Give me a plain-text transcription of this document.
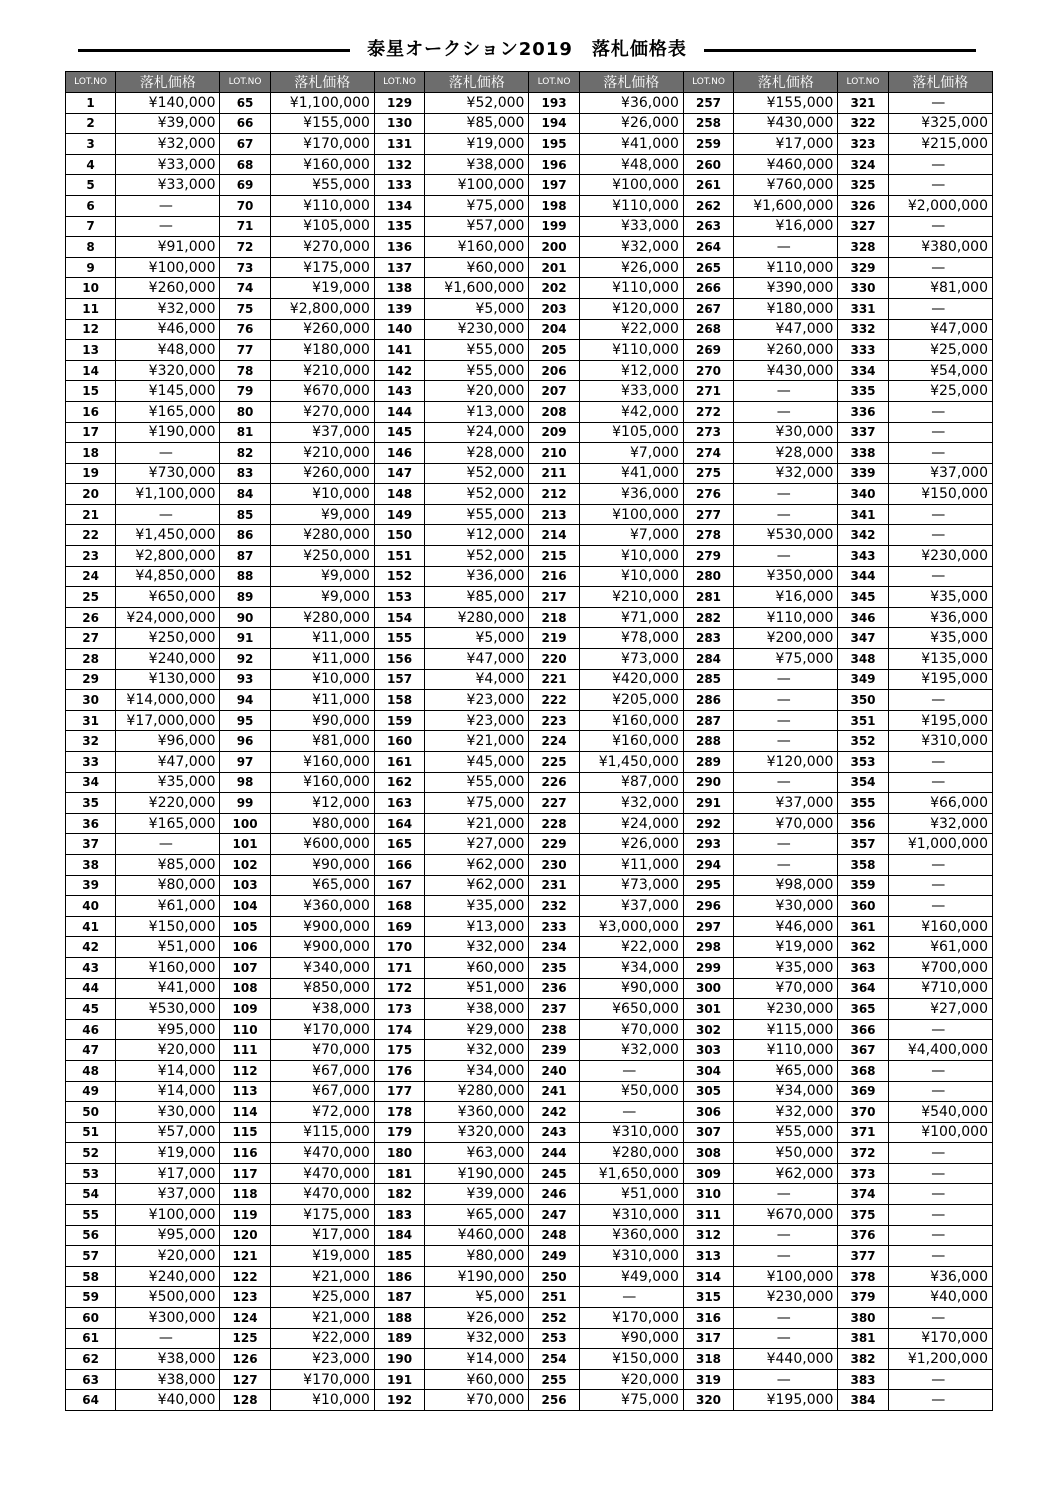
泰星オークション2019　落札価格表
LOT.NO	落札価格	LOT.NO	落札価格	LOT.NO	落札価格	LOT.NO	落札価格	LOT.NO	落札価格	LOT.NO	落札価格
1	¥140,000	65	¥1,100,000	129	¥52,000	193	¥36,000	257	¥155,000	321	—
2	¥39,000	66	¥155,000	130	¥85,000	194	¥26,000	258	¥430,000	322	¥325,000
3	¥32,000	67	¥170,000	131	¥19,000	195	¥41,000	259	¥17,000	323	¥215,000
4	¥33,000	68	¥160,000	132	¥38,000	196	¥48,000	260	¥460,000	324	—
5	¥33,000	69	¥55,000	133	¥100,000	197	¥100,000	261	¥760,000	325	—
6	—	70	¥110,000	134	¥75,000	198	¥110,000	262	¥1,600,000	326	¥2,000,000
7	—	71	¥105,000	135	¥57,000	199	¥33,000	263	¥16,000	327	—
8	¥91,000	72	¥270,000	136	¥160,000	200	¥32,000	264	—	328	¥380,000
9	¥100,000	73	¥175,000	137	¥60,000	201	¥26,000	265	¥110,000	329	—
10	¥260,000	74	¥19,000	138	¥1,600,000	202	¥110,000	266	¥390,000	330	¥81,000
11	¥32,000	75	¥2,800,000	139	¥5,000	203	¥120,000	267	¥180,000	331	—
12	¥46,000	76	¥260,000	140	¥230,000	204	¥22,000	268	¥47,000	332	¥47,000
13	¥48,000	77	¥180,000	141	¥55,000	205	¥110,000	269	¥260,000	333	¥25,000
14	¥320,000	78	¥210,000	142	¥55,000	206	¥12,000	270	¥430,000	334	¥54,000
15	¥145,000	79	¥670,000	143	¥20,000	207	¥33,000	271	—	335	¥25,000
16	¥165,000	80	¥270,000	144	¥13,000	208	¥42,000	272	—	336	—
17	¥190,000	81	¥37,000	145	¥24,000	209	¥105,000	273	¥30,000	337	—
18	—	82	¥210,000	146	¥28,000	210	¥7,000	274	¥28,000	338	—
19	¥730,000	83	¥260,000	147	¥52,000	211	¥41,000	275	¥32,000	339	¥37,000
20	¥1,100,000	84	¥10,000	148	¥52,000	212	¥36,000	276	—	340	¥150,000
21	—	85	¥9,000	149	¥55,000	213	¥100,000	277	—	341	—
22	¥1,450,000	86	¥280,000	150	¥12,000	214	¥7,000	278	¥530,000	342	—
23	¥2,800,000	87	¥250,000	151	¥52,000	215	¥10,000	279	—	343	¥230,000
24	¥4,850,000	88	¥9,000	152	¥36,000	216	¥10,000	280	¥350,000	344	—
25	¥650,000	89	¥9,000	153	¥85,000	217	¥210,000	281	¥16,000	345	¥35,000
26	¥24,000,000	90	¥280,000	154	¥280,000	218	¥71,000	282	¥110,000	346	¥36,000
27	¥250,000	91	¥11,000	155	¥5,000	219	¥78,000	283	¥200,000	347	¥35,000
28	¥240,000	92	¥11,000	156	¥47,000	220	¥73,000	284	¥75,000	348	¥135,000
29	¥130,000	93	¥10,000	157	¥4,000	221	¥420,000	285	—	349	¥195,000
30	¥14,000,000	94	¥11,000	158	¥23,000	222	¥205,000	286	—	350	—
31	¥17,000,000	95	¥90,000	159	¥23,000	223	¥160,000	287	—	351	¥195,000
32	¥96,000	96	¥81,000	160	¥21,000	224	¥160,000	288	—	352	¥310,000
33	¥47,000	97	¥160,000	161	¥45,000	225	¥1,450,000	289	¥120,000	353	—
34	¥35,000	98	¥160,000	162	¥55,000	226	¥87,000	290	—	354	—
35	¥220,000	99	¥12,000	163	¥75,000	227	¥32,000	291	¥37,000	355	¥66,000
36	¥165,000	100	¥80,000	164	¥21,000	228	¥24,000	292	¥70,000	356	¥32,000
37	—	101	¥600,000	165	¥27,000	229	¥26,000	293	—	357	¥1,000,000
38	¥85,000	102	¥90,000	166	¥62,000	230	¥11,000	294	—	358	—
39	¥80,000	103	¥65,000	167	¥62,000	231	¥73,000	295	¥98,000	359	—
40	¥61,000	104	¥360,000	168	¥35,000	232	¥37,000	296	¥30,000	360	—
41	¥150,000	105	¥900,000	169	¥13,000	233	¥3,000,000	297	¥46,000	361	¥160,000
42	¥51,000	106	¥900,000	170	¥32,000	234	¥22,000	298	¥19,000	362	¥61,000
43	¥160,000	107	¥340,000	171	¥60,000	235	¥34,000	299	¥35,000	363	¥700,000
44	¥41,000	108	¥850,000	172	¥51,000	236	¥90,000	300	¥70,000	364	¥710,000
45	¥530,000	109	¥38,000	173	¥38,000	237	¥650,000	301	¥230,000	365	¥27,000
46	¥95,000	110	¥170,000	174	¥29,000	238	¥70,000	302	¥115,000	366	—
47	¥20,000	111	¥70,000	175	¥32,000	239	¥32,000	303	¥110,000	367	¥4,400,000
48	¥14,000	112	¥67,000	176	¥34,000	240	—	304	¥65,000	368	—
49	¥14,000	113	¥67,000	177	¥280,000	241	¥50,000	305	¥34,000	369	—
50	¥30,000	114	¥72,000	178	¥360,000	242	—	306	¥32,000	370	¥540,000
51	¥57,000	115	¥115,000	179	¥320,000	243	¥310,000	307	¥55,000	371	¥100,000
52	¥19,000	116	¥470,000	180	¥63,000	244	¥280,000	308	¥50,000	372	—
53	¥17,000	117	¥470,000	181	¥190,000	245	¥1,650,000	309	¥62,000	373	—
54	¥37,000	118	¥470,000	182	¥39,000	246	¥51,000	310	—	374	—
55	¥100,000	119	¥175,000	183	¥65,000	247	¥310,000	311	¥670,000	375	—
56	¥95,000	120	¥17,000	184	¥460,000	248	¥360,000	312	—	376	—
57	¥20,000	121	¥19,000	185	¥80,000	249	¥310,000	313	—	377	—
58	¥240,000	122	¥21,000	186	¥190,000	250	¥49,000	314	¥100,000	378	¥36,000
59	¥500,000	123	¥25,000	187	¥5,000	251	—	315	¥230,000	379	¥40,000
60	¥300,000	124	¥21,000	188	¥26,000	252	¥170,000	316	—	380	—
61	—	125	¥22,000	189	¥32,000	253	¥90,000	317	—	381	¥170,000
62	¥38,000	126	¥23,000	190	¥14,000	254	¥150,000	318	¥440,000	382	¥1,200,000
63	¥38,000	127	¥170,000	191	¥60,000	255	¥20,000	319	—	383	—
64	¥40,000	128	¥10,000	192	¥70,000	256	¥75,000	320	¥195,000	384	—
